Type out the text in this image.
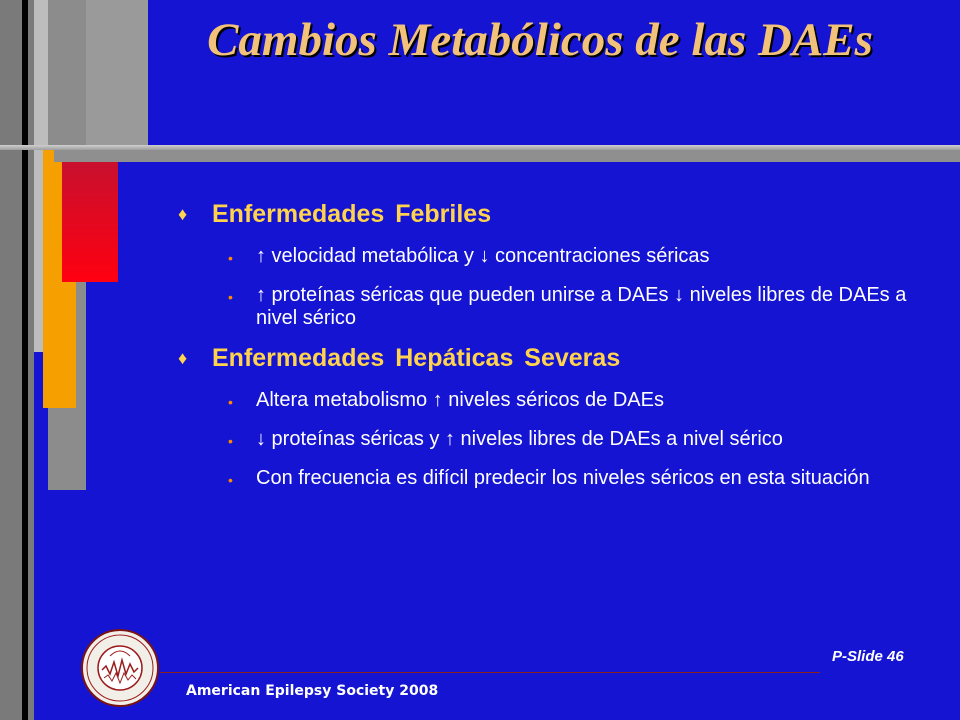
Cambios Metabólicos de las DAEs
♦ Enfermedades Febriles
•	↑ velocidad metabólica y ↓ concentraciones séricas
•	↑ proteínas séricas que pueden unirse a DAEs ↓ niveles libres de DAEs a nivel sérico
♦ Enfermedades Hepáticas Severas
•	Altera metabolismo ↑ niveles séricos de DAEs
•	↓ proteínas séricas y ↑ niveles libres de DAEs a nivel sérico
•	Con frecuencia es difícil predecir los niveles séricos en esta situación
American Epilepsy Society 2008
P-Slide 46
